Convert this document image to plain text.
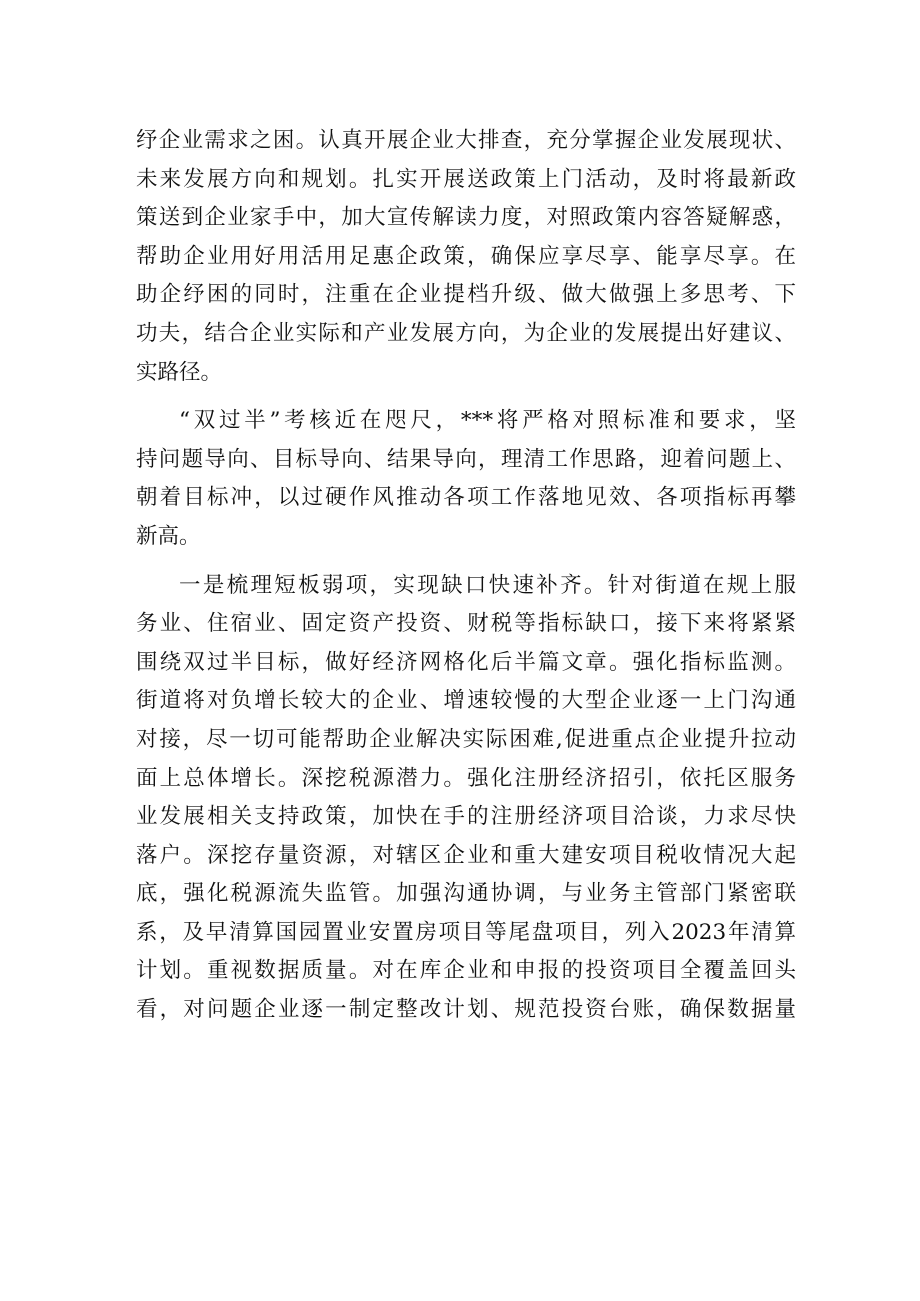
纾企业需求之困。认真开展企业大排查，充分掌握企业发展现状、
未来发展方向和规划。扎实开展送政策上门活动，及时将最新政
策送到企业家手中，加大宣传解读力度，对照政策内容答疑解惑，
帮助企业用好用活用足惠企政策，确保应享尽享、能享尽享。在
助企纾困的同时，注重在企业提档升级、做大做强上多思考、下
功夫，结合企业实际和产业发展方向，为企业的发展提出好建议、
实路径。
“双过半”考核近在咫尺，***将严格对照标准和要求，坚
持问题导向、目标导向、结果导向，理清工作思路，迎着问题上、
朝着目标冲，以过硬作风推动各项工作落地见效、各项指标再攀
新高。
一是梳理短板弱项，实现缺口快速补齐。针对街道在规上服
务业、住宿业、固定资产投资、财税等指标缺口，接下来将紧紧
围绕双过半目标，做好经济网格化后半篇文章。强化指标监测。
街道将对负增长较大的企业、增速较慢的大型企业逐一上门沟通
对接，尽一切可能帮助企业解决实际困难,促进重点企业提升拉动
面上总体增长。深挖税源潜力。强化注册经济招引，依托区服务
业发展相关支持政策，加快在手的注册经济项目洽谈，力求尽快
落户。深挖存量资源，对辖区企业和重大建安项目税收情况大起
底，强化税源流失监管。加强沟通协调，与业务主管部门紧密联
系，及早清算国园置业安置房项目等尾盘项目，列入2023年清算
计划。重视数据质量。对在库企业和申报的投资项目全覆盖回头
看，对问题企业逐一制定整改计划、规范投资台账，确保数据量
